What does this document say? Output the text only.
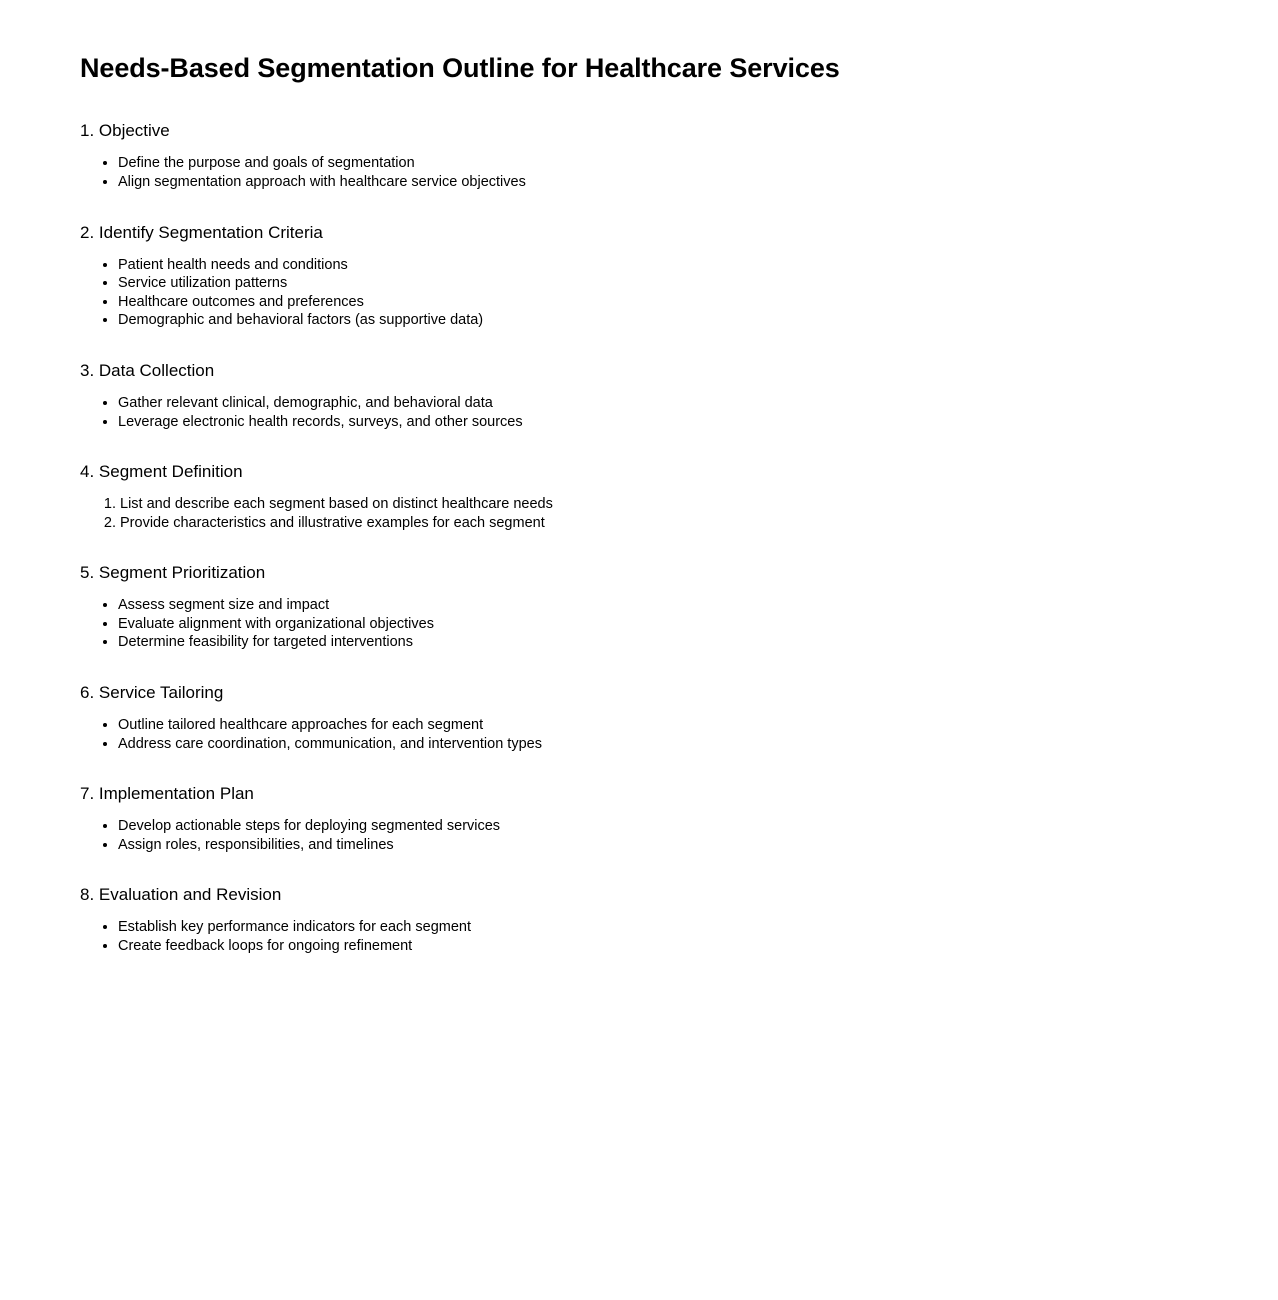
Needs-Based Segmentation Outline for Healthcare Services
1. Objective
• Define the purpose and goals of segmentation
• Align segmentation approach with healthcare service objectives
2. Identify Segmentation Criteria
• Patient health needs and conditions
• Service utilization patterns
• Healthcare outcomes and preferences
• Demographic and behavioral factors (as supportive data)
3. Data Collection
• Gather relevant clinical, demographic, and behavioral data
• Leverage electronic health records, surveys, and other sources
4. Segment Definition
1. List and describe each segment based on distinct healthcare needs
2. Provide characteristics and illustrative examples for each segment
5. Segment Prioritization
• Assess segment size and impact
• Evaluate alignment with organizational objectives
• Determine feasibility for targeted interventions
6. Service Tailoring
• Outline tailored healthcare approaches for each segment
• Address care coordination, communication, and intervention types
7. Implementation Plan
• Develop actionable steps for deploying segmented services
• Assign roles, responsibilities, and timelines
8. Evaluation and Revision
• Establish key performance indicators for each segment
• Create feedback loops for ongoing refinement
